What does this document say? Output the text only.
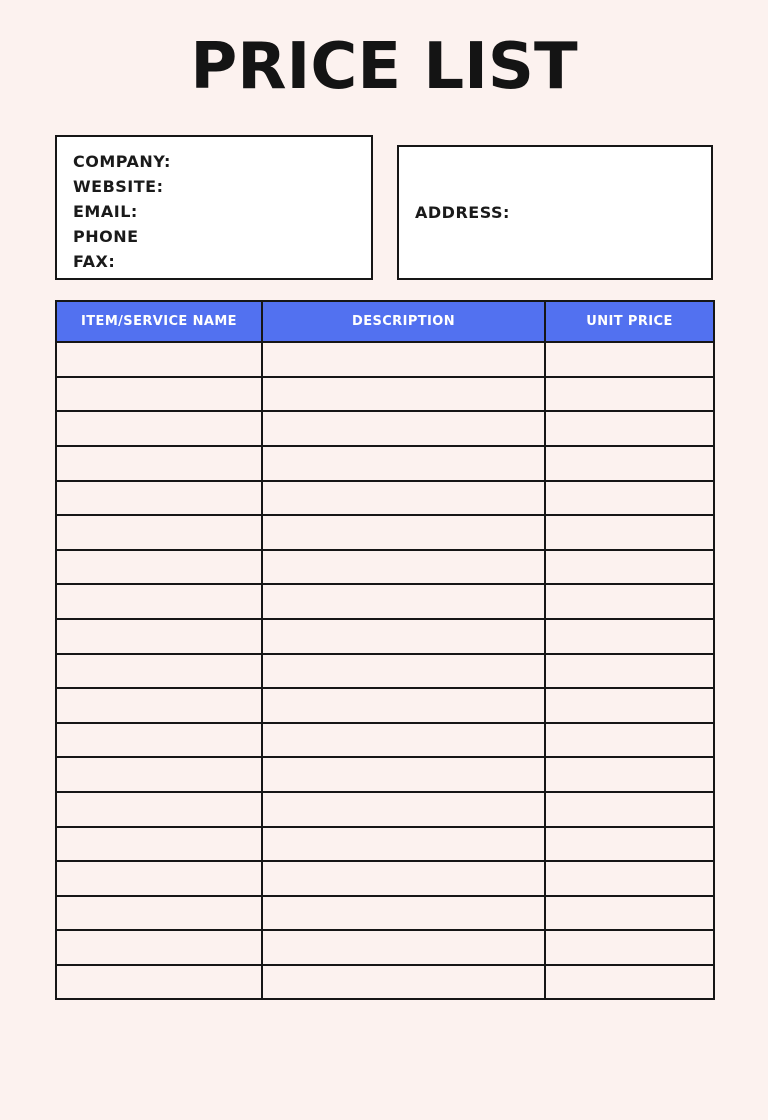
PRICE LIST
COMPANY:
WEBSITE:
EMAIL:
PHONE
FAX:
ADDRESS:
ITEM/SERVICE NAME	DESCRIPTION	UNIT PRICE
